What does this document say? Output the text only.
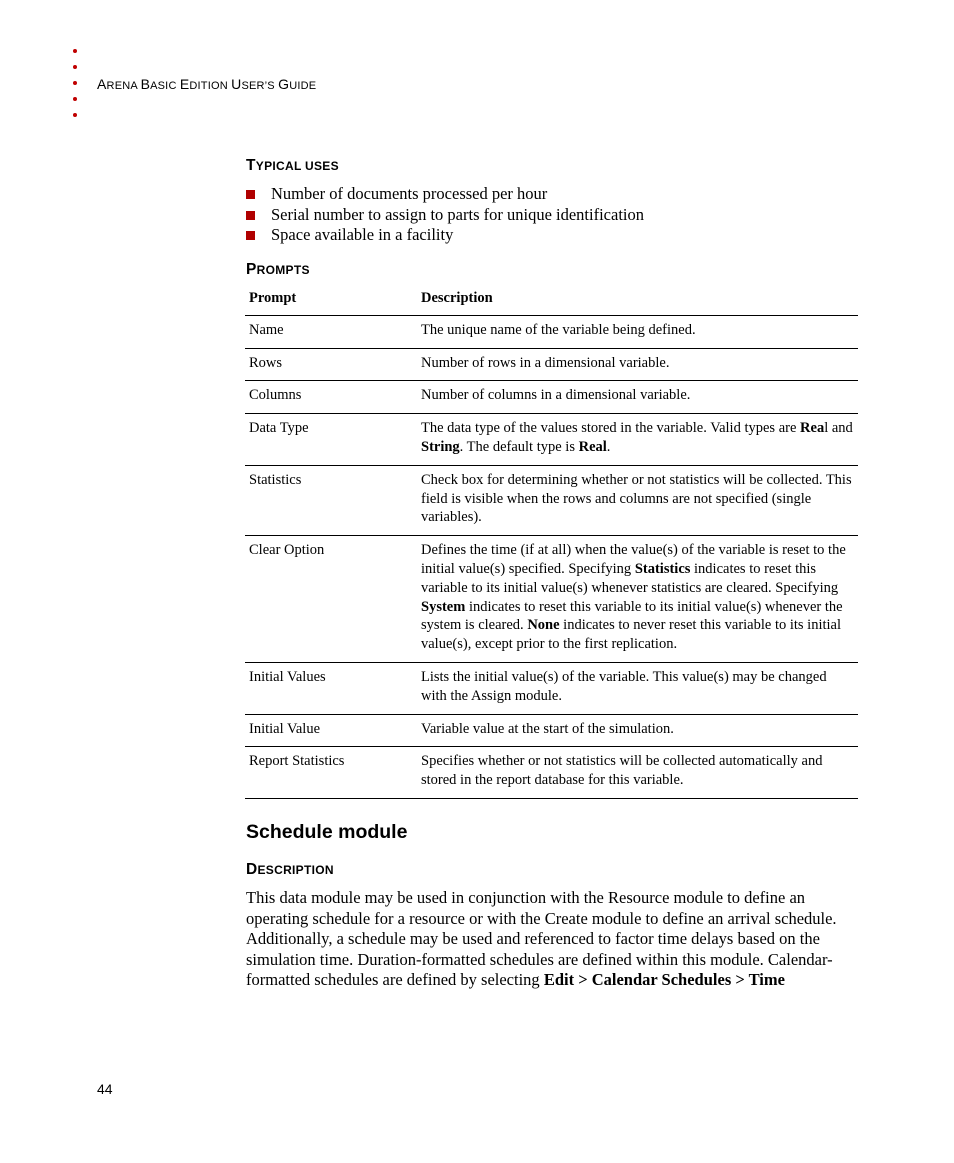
ARENA BASIC EDITION USER’S GUIDE
TYPICAL USES
Number of documents processed per hour
Serial number to assign to parts for unique identification
Space available in a facility
PROMPTS
Prompt	Description
Name	The unique name of the variable being defined.
Rows	Number of rows in a dimensional variable.
Columns	Number of columns in a dimensional variable.
Data Type	The data type of the values stored in the variable. Valid types are Real and String. The default type is Real.
Statistics	Check box for determining whether or not statistics will be collected. This field is visible when the rows and columns are not specified (single variables).
Clear Option	Defines the time (if at all) when the value(s) of the variable is reset to the initial value(s) specified. Specifying Statistics indicates to reset this variable to its initial value(s) whenever statistics are cleared. Specifying System indicates to reset this variable to its initial value(s) whenever the system is cleared. None indicates to never reset this variable to its initial value(s), except prior to the first replication.
Initial Values	Lists the initial value(s) of the variable. This value(s) may be changed with the Assign module.
Initial Value	Variable value at the start of the simulation.
Report Statistics	Specifies whether or not statistics will be collected automatically and stored in the report database for this variable.
Schedule module
DESCRIPTION

This data module may be used in conjunction with the Resource module to define an operating schedule for a resource or with the Create module to define an arrival schedule. Additionally, a schedule may be used and referenced to factor time delays based on the simulation time. Duration-formatted schedules are defined within this module. Calendar-formatted schedules are defined by selecting Edit > Calendar Schedules > Time

44
